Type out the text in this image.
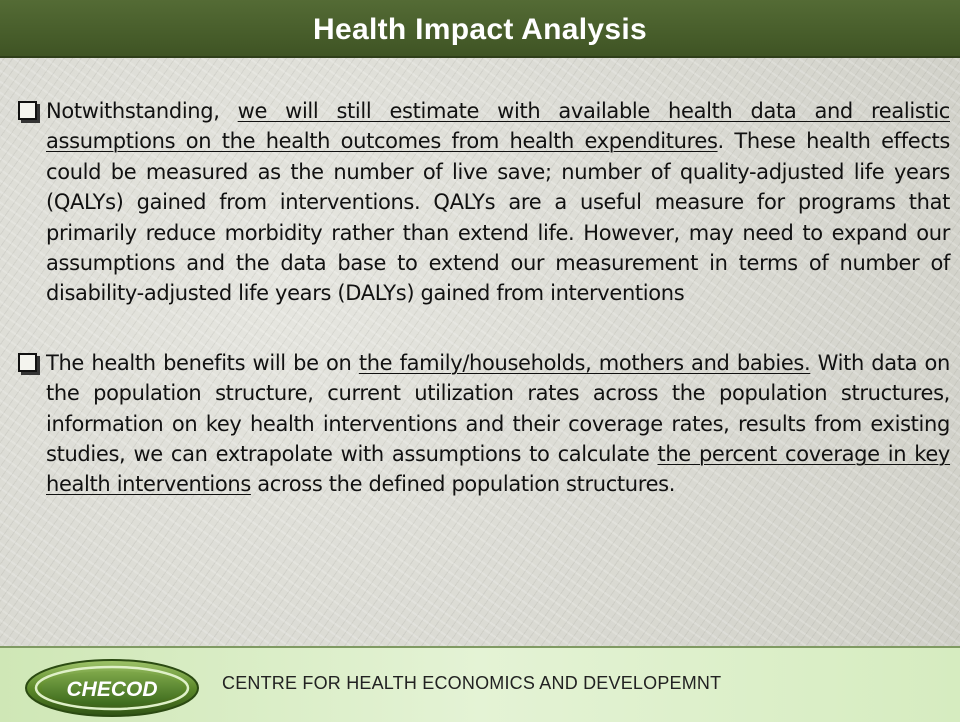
Health Impact Analysis
Notwithstanding, we will still estimate with available health data and realistic assumptions on the health outcomes from health expenditures. These health effects could be measured as the number of live save; number of quality-adjusted life years (QALYs) gained from interventions. QALYs are a useful measure for programs that primarily reduce morbidity rather than extend life. However, may need to expand our assumptions and the data base to extend our measurement in terms of number of disability-adjusted life years (DALYs) gained from interventions
The health benefits will be on the family/households, mothers and babies. With data on the population structure, current utilization rates across the population structures, information on key health interventions and their coverage rates, results from existing studies, we can extrapolate with assumptions to calculate the percent coverage in key health interventions across the defined population structures.
CHECOD	CENTRE FOR HEALTH ECONOMICS AND DEVELOPEMNT
